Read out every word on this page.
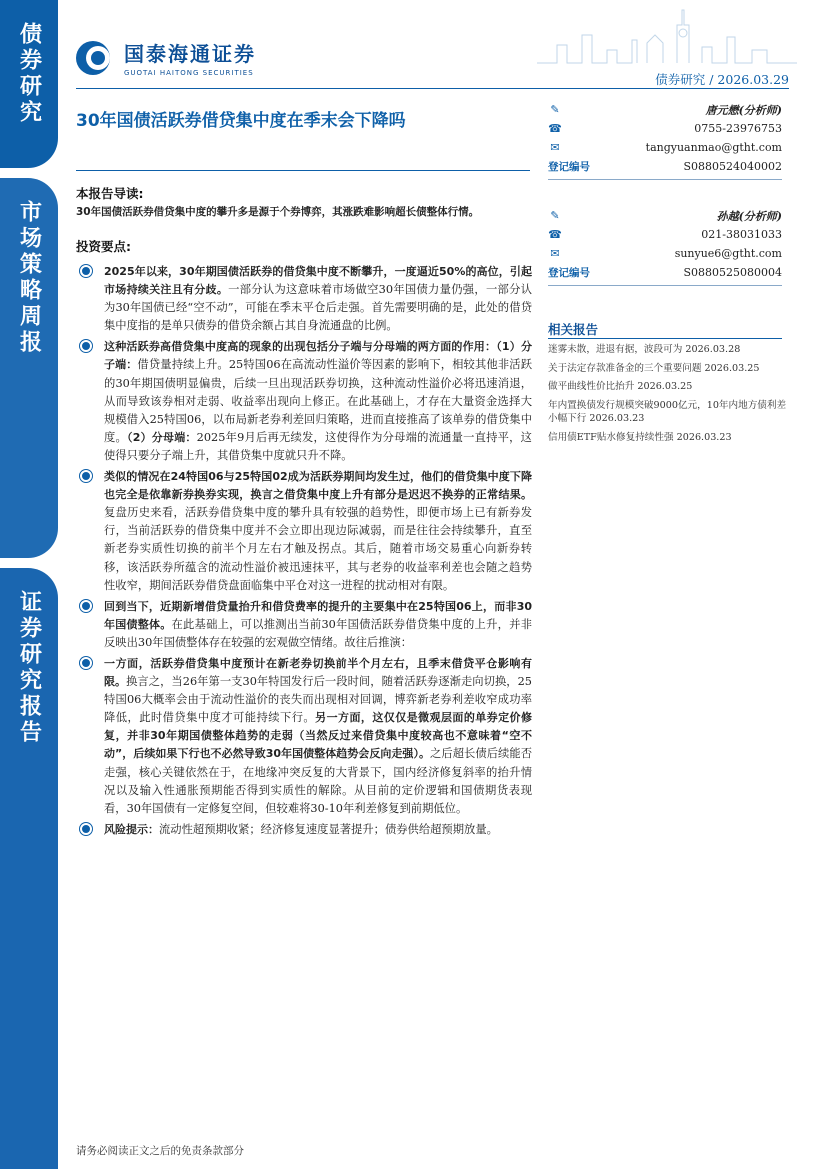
债券研究
市场策略周报
证券研究报告
国泰海通证券
GUOTAI HAITONG SECURITIES	债券研究 / 2026.03.29
30年国债活跃券借贷集中度在季末会下降吗
✎	唐元懋(分析师)
☎	0755-23976753
✉	tangyuanmao@gtht.com
登记编号	S0880524040002
✎	孙越(分析师)
☎	021-38031033
✉	sunyue6@gtht.com
登记编号	S0880525080004
相关报告
迷雾未散，进退有据，波段可为 2026.03.28
关于法定存款准备金的三个重要问题 2026.03.25
做平曲线性价比抬升 2026.03.25
年内置换债发行规模突破9000亿元，10年内地方债利差小幅下行 2026.03.23
信用债ETF贴水修复持续性强 2026.03.23
本报告导读:
30年国债活跃券借贷集中度的攀升多是源于个券博弈，其涨跌难影响超长债整体行情。
投资要点:
2025年以来，30年期国债活跃券的借贷集中度不断攀升，一度逼近50%的高位，引起市场持续关注且有分歧。一部分认为这意味着市场做空30年国债力量仍强，一部分认为30年国债已经“空不动”，可能在季末平仓后走强。首先需要明确的是，此处的借贷集中度指的是单只债券的借贷余额占其自身流通盘的比例。
这种活跃券高借贷集中度高的现象的出现包括分子端与分母端的两方面的作用：（1）分子端：借贷量持续上升。25特国06在高流动性溢价等因素的影响下，相较其他非活跃的30年期国债明显偏贵，后续一旦出现活跃券切换，这种流动性溢价必将迅速消退，从而导致该券相对走弱、收益率出现向上修正。在此基础上，才存在大量资金选择大规模借入25特国06，以布局新老券利差回归策略，进而直接推高了该单券的借贷集中度。（2）分母端：2025年9月后再无续发，这使得作为分母端的流通量一直持平，这使得只要分子端上升，其借贷集中度就只升不降。
类似的情况在24特国06与25特国02成为活跃券期间均发生过，他们的借贷集中度下降也完全是依靠新券换券实现，换言之借贷集中度上升有部分是迟迟不换券的正常结果。复盘历史来看，活跃券借贷集中度的攀升具有较强的趋势性，即便市场上已有新券发行，当前活跃券的借贷集中度并不会立即出现边际减弱，而是往往会持续攀升，直至新老券实质性切换的前半个月左右才触及拐点。其后，随着市场交易重心向新券转移，该活跃券所蕴含的流动性溢价被迅速抹平，其与老券的收益率利差也会随之趋势性收窄，期间活跃券借贷盘面临集中平仓对这一进程的扰动相对有限。
回到当下，近期新增借贷量抬升和借贷费率的提升的主要集中在25特国06上，而非30年国债整体。在此基础上，可以推测出当前30年国债活跃券借贷集中度的上升，并非反映出30年国债整体存在较强的宏观做空情绪。故往后推演：
一方面，活跃券借贷集中度预计在新老券切换前半个月左右，且季末借贷平仓影响有限。换言之，当26年第一支30年特国发行后一段时间，随着活跃券逐渐走向切换，25特国06大概率会由于流动性溢价的丧失而出现相对回调，博弈新老券利差收窄成功率降低，此时借贷集中度才可能持续下行。另一方面，这仅仅是微观层面的单券定价修复，并非30年期国债整体趋势的走弱（当然反过来借贷集中度较高也不意味着“空不动”，后续如果下行也不必然导致30年国债整体趋势会反向走强）。之后超长债后续能否走强，核心关键依然在于，在地缘冲突反复的大背景下，国内经济修复斜率的抬升情况以及输入性通胀预期能否得到实质性的解除。从目前的定价逻辑和国债期货表现看，30年国债有一定修复空间，但较难将30-10年利差修复到前期低位。
风险提示：流动性超预期收紧；经济修复速度显著提升；债券供给超预期放量。
请务必阅读正文之后的免责条款部分
